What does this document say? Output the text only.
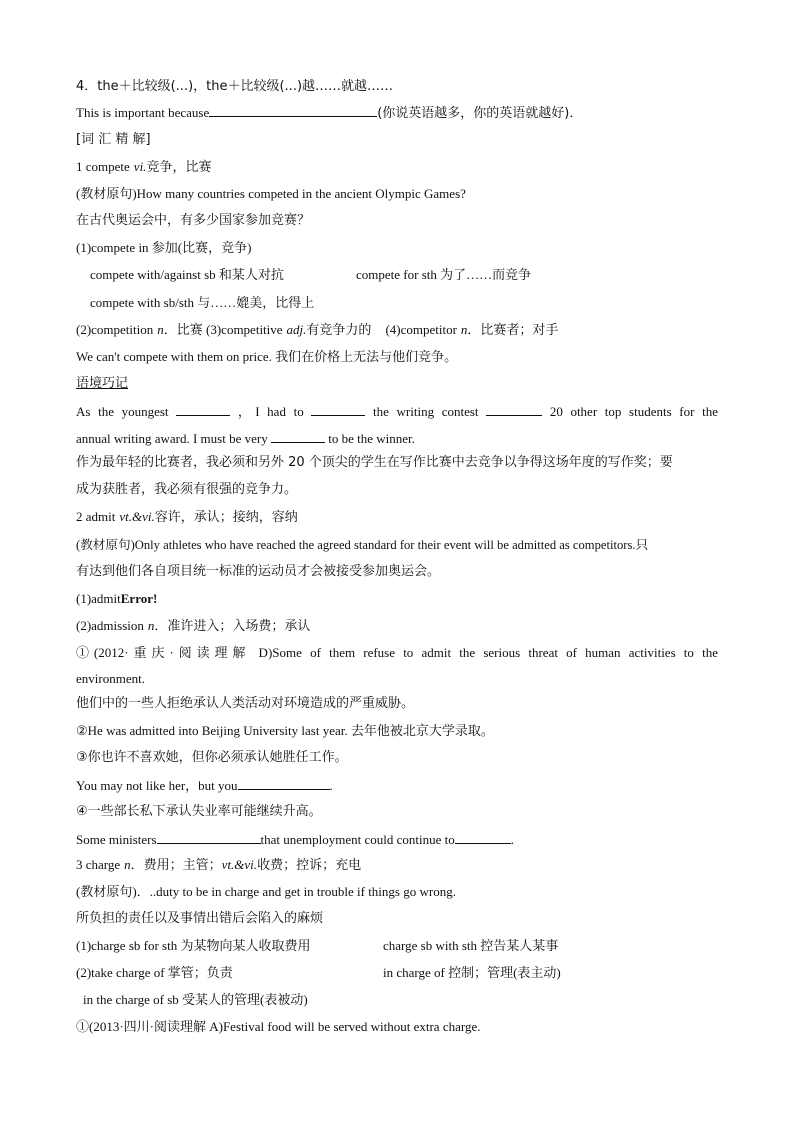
4．the＋比较级(...)，the＋比较级(...)越……就越……
This is important because	(你说英语越多，你的英语就越好)．
[词 汇 精 解]
1 compete vi.竞争，比赛
(教材原句)How many countries competed in the ancient Olympic Games?
在古代奥运会中，有多少国家参加竞赛？
(1)compete in 参加(比赛，竞争)
compete with/against sb 和某人对抗	compete for sth 为了……而竞争
compete with sb/sth 与……媲美，比得上
(2)competition n．比赛 (3)competitive adj.有竞争力的 (4)competitor n．比赛者；对手
We can't compete with them on price. 我们在价格上无法与他们竞争。
语境巧记
As the youngest	，I had to	the writing contest	20 other top students for the
annual writing award. I must be very	to be the winner.
作为最年轻的比赛者，我必须和另外 20 个顶尖的学生在写作比赛中去竞争以争得这场年度的写作奖；要
成为获胜者，我必须有很强的竞争力。
2 admit vt.&vi.容许，承认；接纳，容纳
(教材原句)Only athletes who have reached the agreed standard for their event will be admitted as competitors.只
有达到他们各自项目统一标准的运动员才会被接受参加奥运会。
(1)admitError!
(2)admission n．准许进入；入场费；承认
①(2012·重庆·阅读理解 D)Some of them refuse to admit the serious threat of human activities to the
environment.
他们中的一些人拒绝承认人类活动对环境造成的严重威胁。
②He was admitted into Beijing University last year. 去年他被北京大学录取。
③你也许不喜欢她，但你必须承认她胜任工作。
You may not like her，but you	.
④一些部长私下承认失业率可能继续升高。
Some ministers	that unemployment could continue to	.
3 charge n．费用；主管；vt.&vi.收费；控诉；充电
(教材原句)．..duty to be in charge and get in trouble if things go wrong.
所负担的责任以及事情出错后会陷入的麻烦
(1)charge sb for sth 为某物向某人收取费用	charge sb with sth 控告某人某事
(2)take charge of 掌管；负责	in charge of 控制；管理(表主动)
in the charge of sb 受某人的管理(表被动)
①(2013·四川·阅读理解 A)Festival food will be served without extra charge.
